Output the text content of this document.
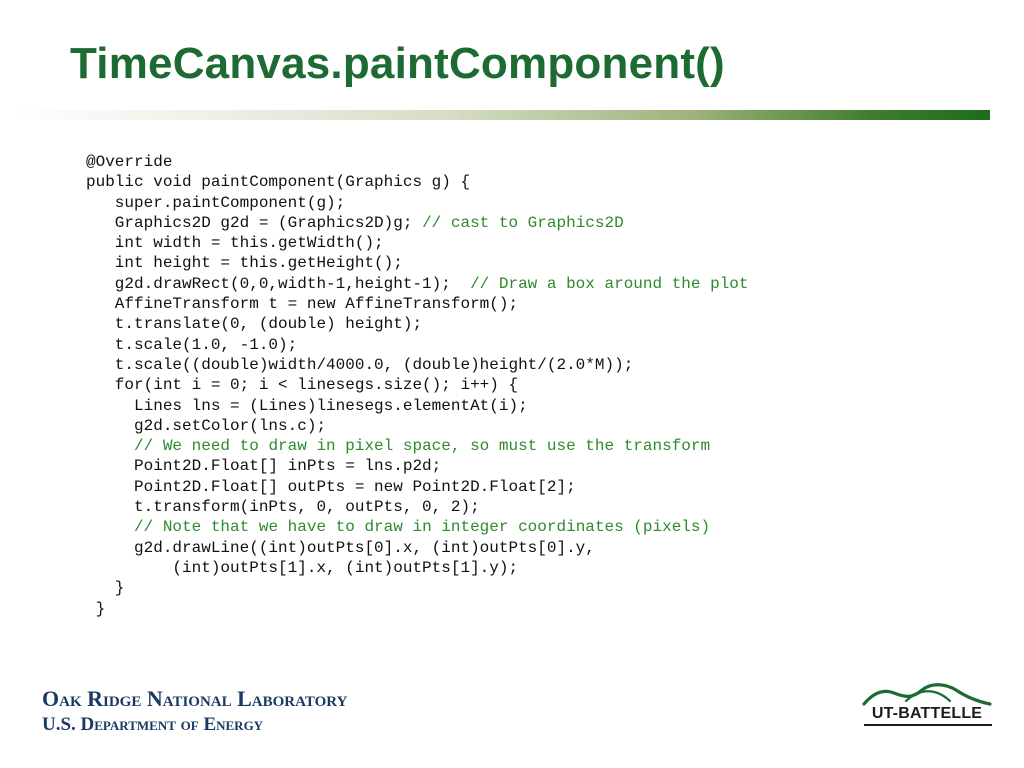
TimeCanvas.paintComponent()
@Override
public void paintComponent(Graphics g) {
super.paintComponent(g);
Graphics2D g2d = (Graphics2D)g; // cast to Graphics2D
int width = this.getWidth();
int height = this.getHeight();
g2d.drawRect(0,0,width-1,height-1);  // Draw a box around the plot
AffineTransform t = new AffineTransform();
t.translate(0, (double) height);
t.scale(1.0, -1.0);
t.scale((double)width/4000.0, (double)height/(2.0*M));
for(int i = 0; i < linesegs.size(); i++) {
Lines lns = (Lines)linesegs.elementAt(i);
g2d.setColor(lns.c);
// We need to draw in pixel space, so must use the transform
Point2D.Float[] inPts = lns.p2d;
Point2D.Float[] outPts = new Point2D.Float[2];
t.transform(inPts, 0, outPts, 0, 2);
// Note that we have to draw in integer coordinates (pixels)
g2d.drawLine((int)outPts[0].x, (int)outPts[0].y,
(int)outPts[1].x, (int)outPts[1].y);
}
}
Oak Ridge National Laboratory
U.S. Department of Energy
UT-BATTELLE
